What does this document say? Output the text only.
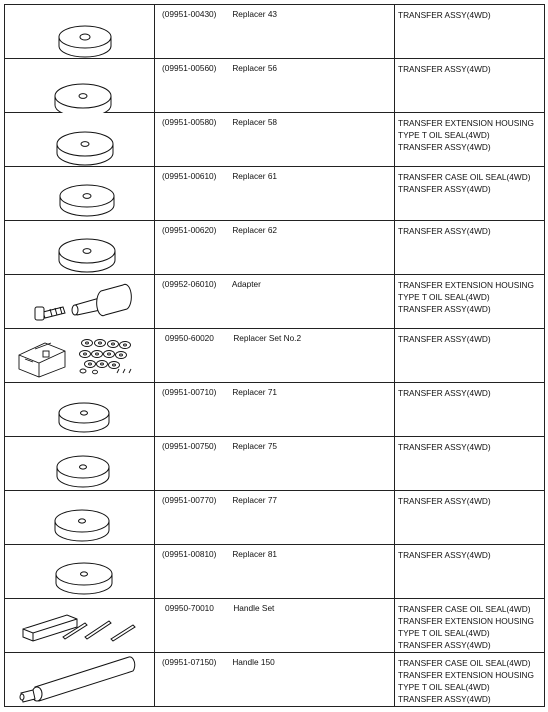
(09951-00430) Replacer 43	TRANSFER ASSY(4WD)

(09951-00560) Replacer 56	TRANSFER ASSY(4WD)

(09951-00580) Replacer 58	TRANSFER EXTENSION HOUSING
TYPE T OIL SEAL(4WD)
TRANSFER ASSY(4WD)

(09951-00610) Replacer 61	TRANSFER CASE OIL SEAL(4WD)
TRANSFER ASSY(4WD)

(09951-00620) Replacer 62	TRANSFER ASSY(4WD)

(09952-06010) Adapter	TRANSFER EXTENSION HOUSING
TYPE T OIL SEAL(4WD)
TRANSFER ASSY(4WD)

09950-60020 Replacer Set No.2	TRANSFER ASSY(4WD)

(09951-00710) Replacer 71	TRANSFER ASSY(4WD)

(09951-00750) Replacer 75	TRANSFER ASSY(4WD)

(09951-00770) Replacer 77	TRANSFER ASSY(4WD)

(09951-00810) Replacer 81	TRANSFER ASSY(4WD)

09950-70010 Handle Set	TRANSFER CASE OIL SEAL(4WD)
TRANSFER EXTENSION HOUSING
TYPE T OIL SEAL(4WD)
TRANSFER ASSY(4WD)

(09951-07150) Handle 150	TRANSFER CASE OIL SEAL(4WD)
TRANSFER EXTENSION HOUSING
TYPE T OIL SEAL(4WD)
TRANSFER ASSY(4WD)
